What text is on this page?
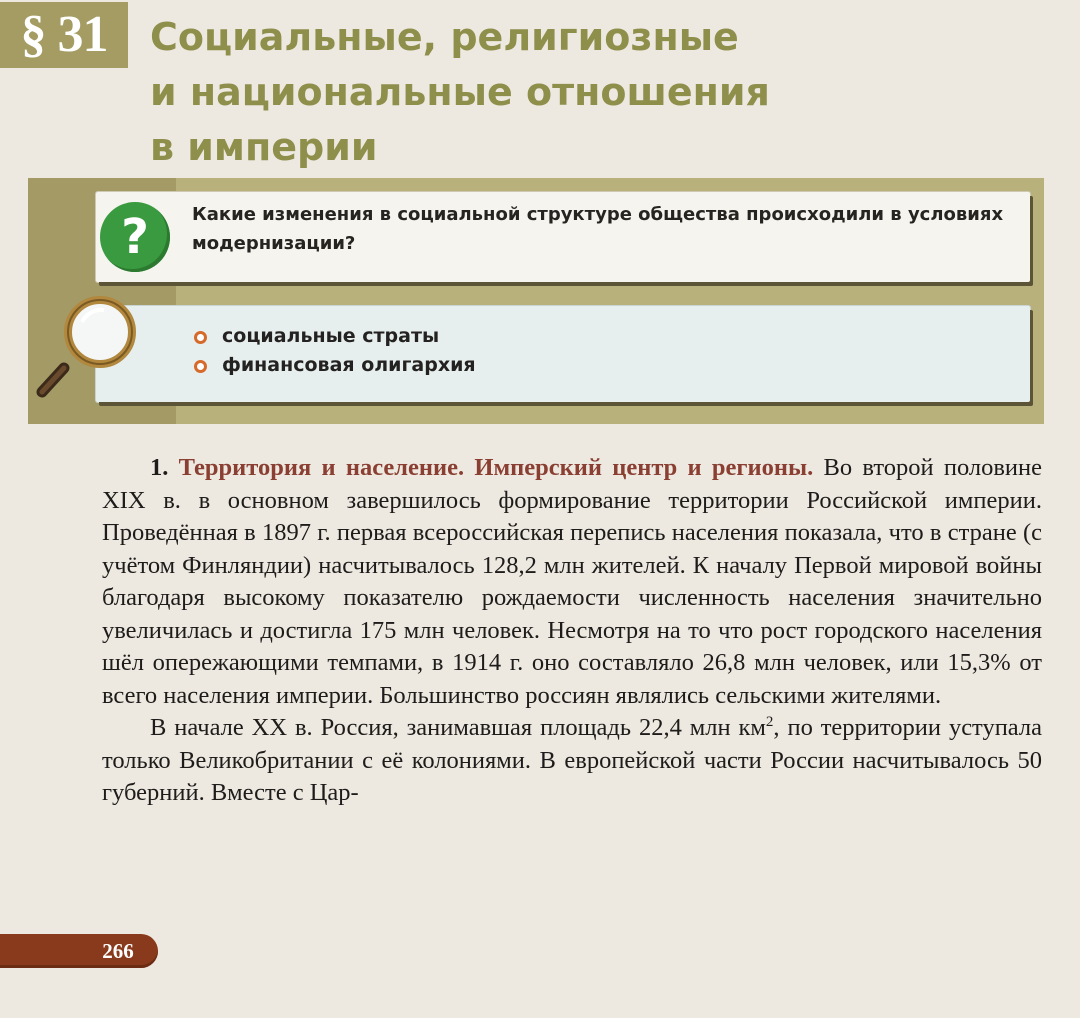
§ 31	Социальные, религиозные
и национальные отношения
в империи
?	Какие изменения в социальной структуре общества происходили в условиях модернизации?
социальные страты
финансовая олигархия

1. Территория и население. Имперский центр и регионы. Во второй половине XIX в. в основном завершилось формирование территории Российской империи. Проведённая в 1897 г. первая всероссийская перепись населения показала, что в стране (с учётом Финляндии) насчитывалось 128,2 млн жителей. К началу Первой мировой войны благодаря высокому показателю рождаемости численность населения значительно увеличилась и достигла 175 млн человек. Несмотря на то что рост городского населения шёл опережающими темпами, в 1914 г. оно составляло 26,8 млн человек, или 15,3% от всего населения империи. Большинство россиян являлись сельскими жителями.

В начале XX в. Россия, занимавшая площадь 22,4 млн $км^2$, по территории уступала только Великобритании с её колониями. В европейской части России насчитывалось 50 губерний. Вместе с Цар-

266
